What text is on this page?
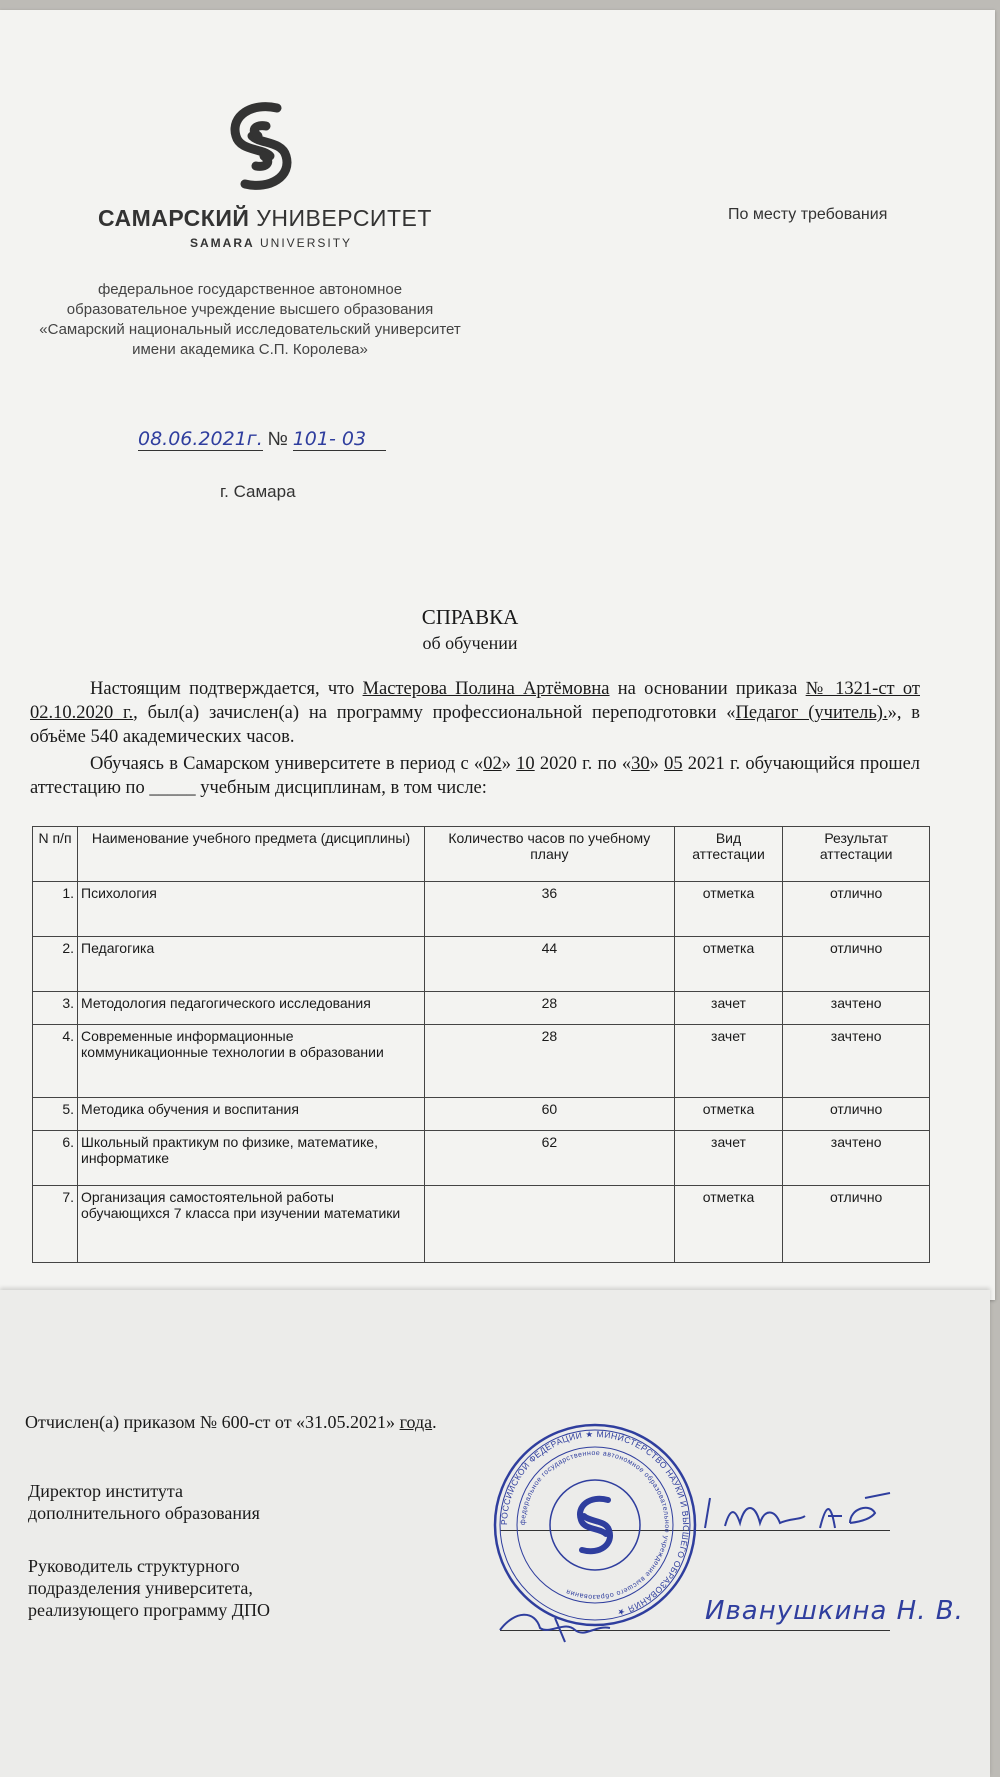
САМАРСКИЙ УНИВЕРСИТЕТ
SAMARA UNIVERSITY
федеральное государственное автономное
образовательное учреждение высшего образования
«Самарский национальный исследовательский университет
имени академика С.П. Королева»
По месту требования
08.06.2021г. № 101- 03
г. Самара
СПРАВКА
об обучении
Настоящим подтверждается, что Мастерова Полина Артёмовна на основании приказа № 1321-ст от 02.10.2020 г., был(а) зачислен(а) на программу профессиональной переподготовки «Педагог (учитель).», в объёме 540 академических часов.
Обучаясь в Самарском университете в период с «02» 10 2020 г. по «30» 05 2021 г. обучающийся прошел аттестацию по _____ учебным дисциплинам, в том числе:
N п/п	Наименование учебного предмета (дисциплины)	Количество часов по учебному плану	Вид аттестации	Результат аттестации
1.	Психология	36	отметка	отлично
2.	Педагогика	44	отметка	отлично
3.	Методология педагогического исследования	28	зачет	зачтено
4.	Современные информационные коммуникационные технологии в образовании	28	зачет	зачтено
5.	Методика обучения и воспитания	60	отметка	отлично
6.	Школьный практикум по физике, математике, информатике	62	зачет	зачтено
7.	Организация самостоятельной работы обучающихся 7 класса при изучении математики		отметка	отлично
Отчислен(а) приказом № 600-ст от «31.05.2021» года.
Директор института
дополнительного образования
Руководитель структурного
подразделения университета,
реализующего программу ДПО	Иванушкина Н. В.
РОССИЙСКОЙ ФЕДЕРАЦИИ ★ МИНИСТЕРСТВО НАУКИ И ВЫСШЕГО ОБРАЗОВАНИЯ ★
федеральное государственное автономное образовательное учреждение высшего образования
